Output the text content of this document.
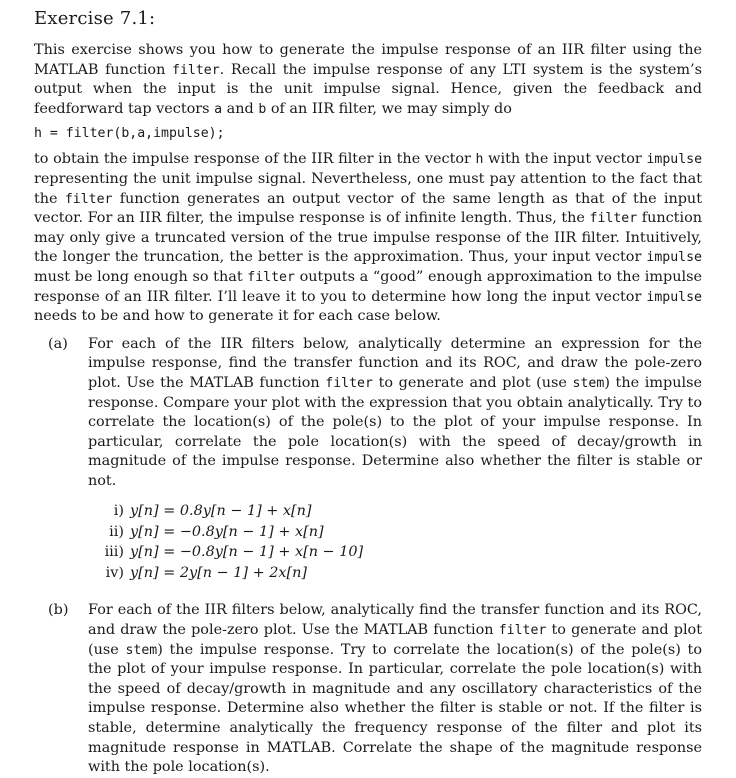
Exercise 7.1:

This exercise shows you how to generate the impulse response of an IIR filter using the MATLAB function filter. Recall the impulse response of any LTI system is the system’s output when the input is the unit impulse signal. Hence, given the feedback and feedforward tap vectors a and b of an IIR filter, we may simply do

h = filter(b,a,impulse);

to obtain the impulse response of the IIR filter in the vector h with the input vector impulse representing the unit impulse signal. Nevertheless, one must pay attention to the fact that the filter function generates an output vector of the same length as that of the input vector. For an IIR filter, the impulse response is of infinite length. Thus, the filter function may only give a truncated version of the true impulse response of the IIR filter. Intuitively, the longer the truncation, the better is the approximation. Thus, your input vector impulse must be long enough so that filter outputs a “good” enough approximation to the impulse response of an IIR filter. I’ll leave it to you to determine how long the input vector impulse needs to be and how to generate it for each case below.

(a)	For each of the IIR filters below, analytically determine an expression for the impulse response, find the transfer function and its ROC, and draw the pole-zero plot. Use the MATLAB function filter to generate and plot (use stem) the impulse response. Compare your plot with the expression that you obtain analytically. Try to correlate the location(s) of the pole(s) to the plot of your impulse response. In particular, correlate the pole location(s) with the speed of decay/growth in magnitude of the impulse response. Determine also whether the filter is stable or not.
i) y[n] = 0.8y[n − 1] + x[n]
ii) y[n] = −0.8y[n − 1] + x[n]
iii) y[n] = −0.8y[n − 1] + x[n − 10]
iv) y[n] = 2y[n − 1] + 2x[n]
(b)	For each of the IIR filters below, analytically find the transfer function and its ROC, and draw the pole-zero plot. Use the MATLAB function filter to generate and plot (use stem) the impulse response. Try to correlate the location(s) of the pole(s) to the plot of your impulse response. In particular, correlate the pole location(s) with the speed of decay/growth in magnitude and any oscillatory characteristics of the impulse response. Determine also whether the filter is stable or not. If the filter is stable, determine analytically the frequency response of the filter and plot its magnitude response in MATLAB. Correlate the shape of the magnitude response with the pole location(s).
